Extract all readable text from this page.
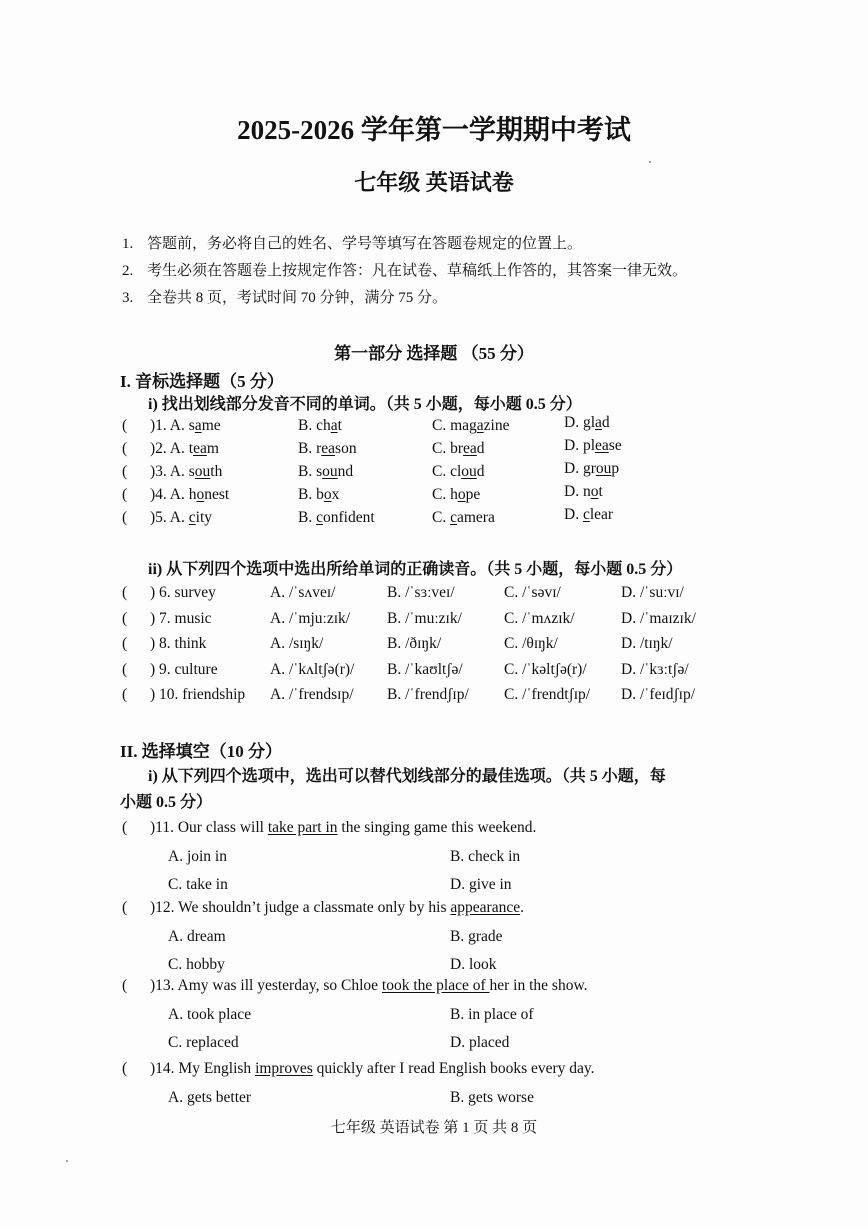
2025-2026 学年第一学期期中考试
七年级 英语试卷
1. 答题前，务必将自己的姓名、学号等填写在答题卷规定的位置上。
2. 考生必须在答题卷上按规定作答：凡在试卷、草稿纸上作答的，其答案一律无效。
3. 全卷共 8 页，考试时间 70 分钟，满分 75 分。
第一部分 选择题 （55 分）
I. 音标选择题（5 分）
i) 找出划线部分发音不同的单词。（共 5 小题，每小题 0.5 分）
( )1. A. same	B. chat	C. magazine	D. glad
( )2. A. team	B. reason	C. bread	D. please
( )3. A. south	B. sound	C. cloud	D. group
( )4. A. honest	B. box	C. hope	D. not
( )5. A. city	B. confident	C. camera	D. clear
ii) 从下列四个选项中选出所给单词的正确读音。（共 5 小题，每小题 0.5 分）
( ) 6. survey	A. /ˈsʌveɪ/	B. /ˈsɜːveɪ/	C. /ˈsəvɪ/	D. /ˈsuːvɪ/
( ) 7. music	A. /ˈmjuːzɪk/ B. /ˈmuːzɪk/	C. /ˈmʌzɪk/	D. /ˈmaɪzɪk/
( ) 8. think	A. /sɪŋk/	B. /ðɪŋk/	C. /θɪŋk/	D. /tɪŋk/
( ) 9. culture	A. /ˈkʌltʃə(r)/ B. /ˈkaʊltʃə/	C. /ˈkəltʃə(r)/ D. /ˈkɜːtʃə/
( ) 10. friendship A. /ˈfrendsɪp/ B. /ˈfrendʃɪp/ C. /ˈfrendtʃɪp/ D. /ˈfeɪdʃɪp/
II. 选择填空（10 分）
i) 从下列四个选项中，选出可以替代划线部分的最佳选项。（共 5 小题，每
小题 0.5 分）
( )11. Our class will take part in the singing game this weekend.
A. join in	B. check in
C. take in	D. give in
( )12. We shouldn’t judge a classmate only by his appearance.
A. dream	B. grade
C. hobby	D. look
( )13. Amy was ill yesterday, so Chloe took the place of her in the show.
A. took place	B. in place of
C. replaced	D. placed
( )14. My English improves quickly after I read English books every day.
A. gets better	B. gets worse
七年级 英语试卷 第 1 页 共 8 页
